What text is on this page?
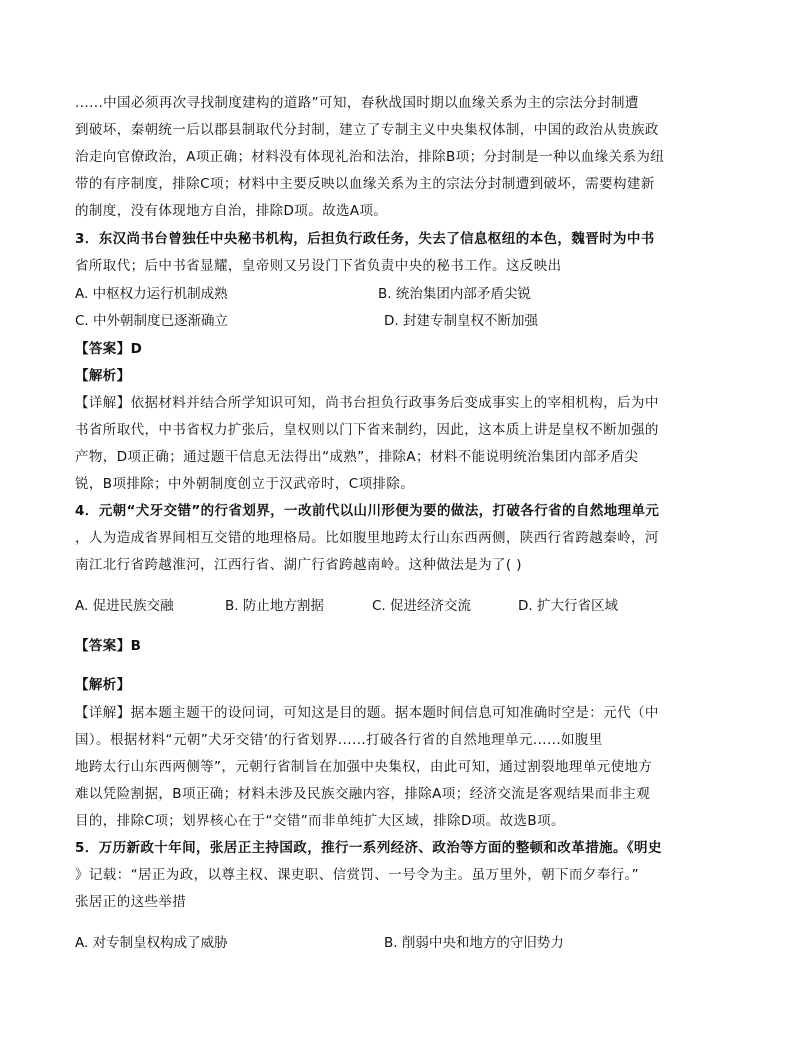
......中国必须再次寻找制度建构的道路”可知，春秋战国时期以血缘关系为主的宗法分封制遭
到破坏，秦朝统一后以郡县制取代分封制，建立了专制主义中央集权体制，中国的政治从贵族政
治走向官僚政治，A项正确；材料没有体现礼治和法治，排除B项；分封制是一种以血缘关系为纽
带的有序制度，排除C项；材料中主要反映以血缘关系为主的宗法分封制遭到破坏，需要构建新
的制度，没有体现地方自治，排除D项。故选A项。
3．东汉尚书台曾独任中央秘书机构，后担负行政任务，失去了信息枢纽的本色，魏晋时为中书
省所取代；后中书省显耀，皇帝则又另设门下省负责中央的秘书工作。这反映出
A. 中枢权力运行机制成熟	B. 统治集团内部矛盾尖锐
C. 中外朝制度已逐渐确立	D. 封建专制皇权不断加强
【答案】D
【解析】
【详解】依据材料并结合所学知识可知，尚书台担负行政事务后变成事实上的宰相机构，后为中
书省所取代，中书省权力扩张后，皇权则以门下省来制约，因此，这本质上讲是皇权不断加强的
产物，D项正确；通过题干信息无法得出“成熟”，排除A；材料不能说明统治集团内部矛盾尖
锐，B项排除；中外朝制度创立于汉武帝时，C项排除。
4．元朝“犬牙交错”的行省划界，一改前代以山川形便为要的做法，打破各行省的自然地理单元
，人为造成省界间相互交错的地理格局。比如腹里地跨太行山东西两侧，陕西行省跨越秦岭，河
南江北行省跨越淮河，江西行省、湖广行省跨越南岭。这种做法是为了( )
A. 促进民族交融	B. 防止地方割据	C. 促进经济交流	D. 扩大行省区域
【答案】B
【解析】
【详解】据本题主题干的设问词，可知这是目的题。据本题时间信息可知准确时空是：元代（中
国）。根据材料“元朝”犬牙交错’的行省划界......打破各行省的自然地理单元......如腹里
地跨太行山东西两侧等”，元朝行省制旨在加强中央集权，由此可知，通过割裂地理单元使地方
难以凭险割据，B项正确；材料未涉及民族交融内容，排除A项；经济交流是客观结果而非主观
目的，排除C项；划界核心在于“交错”而非单纯扩大区域，排除D项。故选B项。
5．万历新政十年间，张居正主持国政，推行一系列经济、政治等方面的整顿和改革措施。《明史
》记载：“居正为政，以尊主权、课吏职、信赏罚、一号令为主。虽万里外，朝下而夕奉行。”
张居正的这些举措
A. 对专制皇权构成了威胁	B. 削弱中央和地方的守旧势力
